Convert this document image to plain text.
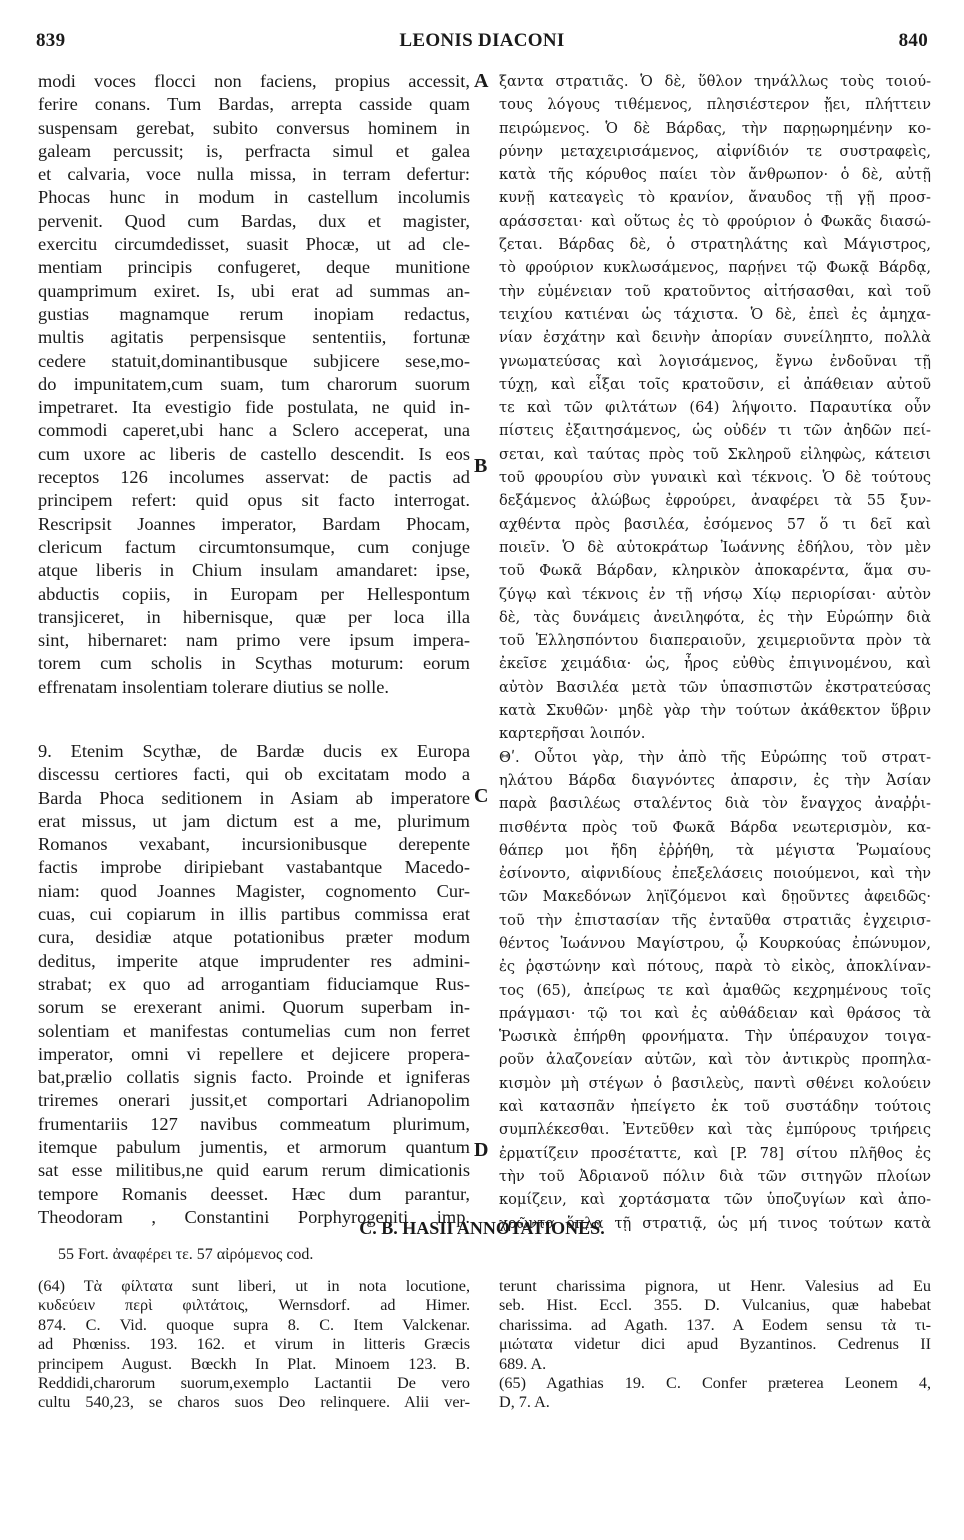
839	LEONIS DIACONI	840
modi voces flocci non faciens, propius accessit,
ferire conans. Tum Bardas, arrepta casside quam
suspensam gerebat, subito conversus hominem in
galeam percussit; is, perfracta simul et galea
et calvaria, voce nulla missa, in terram defertur:
Phocas hunc in modum in castellum incolumis
pervenit. Quod cum Bardas, dux et magister,
exercitu circumdedisset, suasit Phocæ, ut ad cle-
mentiam principis confugeret, deque munitione
quamprimum exiret. Is, ubi erat ad summas an-
gustias magnamque rerum inopiam redactus,
multis agitatis perpensisque sententiis, fortunæ
cedere statuit,dominantibusque subjicere sese,mo-
do impunitatem,cum suam, tum charorum suorum
impetraret. Ita evestigio fide postulata, ne quid in-
commodi caperet,ubi hanc a Sclero acceperat, una
cum uxore ac liberis de castello descendit. Is eos
receptos 126 incolumes asservat: de pactis ad
principem refert: quid opus sit facto interrogat.
Rescripsit Joannes imperator, Bardam Phocam,
clericum factum circumtonsumque, cum conjuge
atque liberis in Chium insulam amandaret: ipse,
abductis copiis, in Europam per Hellespontum
transjiceret, in hibernisque, quæ per loca illa
sint, hibernaret: nam primo vere ipsum impera-
torem cum scholis in Scythas moturum: eorum
effrenatam insolentiam tolerare diutius se nolle.
9. Etenim Scythæ, de Bardæ ducis ex Europa
discessu certiores facti, qui ob excitatam modo a
Barda Phoca seditionem in Asiam ab imperatore
erat missus, ut jam dictum est a me, plurimum
Romanos vexabant, incursionibusque derepente
factis improbe diripiebant vastabantque Macedo-
niam: quod Joannes Magister, cognomento Cur-
cuas, cui copiarum in illis partibus commissa erat
cura, desidiæ atque potationibus præter modum
deditus, imperite atque imprudenter res admini-
strabat; ex quo ad arrogantiam fiduciamque Rus-
sorum se erexerant animi. Quorum superbam in-
solentiam et manifestas contumelias cum non ferret
imperator, omni vi repellere et dejicere propera-
bat,prælio collatis signis facto. Proinde et igniferas
triremes onerari jussit,et comportari Adrianopolim
frumentariis 127 navibus commeatum plurimum,
itemque pabulum jumentis, et armorum quantum
sat esse militibus,ne quid earum rerum dimicationis
tempore Romanis deesset. Hæc dum parantur,
Theodoram , Constantini Porphyrogeniti imp.
ξαντα στρατιᾶς. Ὁ δὲ, ὕθλον τηνάλλως τοὺς τοιού-
τους λόγους τιθέμενος, πλησιέστερον ᾔει, πλήττειν
πειρώμενος. Ὁ δὲ Βάρδας, τὴν παρῃωρημένην κο-
ρύνην μεταχειρισάμενος, αἰφνίδιόν τε συστραφεὶς,
κατὰ τῆς κόρυθος παίει τὸν ἄνθρωπον· ὁ δὲ, αὐτῇ
κυνῇ κατεαγεὶς τὸ κρανίον, ἄναυδος τῇ γῇ προσ-
αράσσεται· καὶ οὕτως ἐς τὸ φρούριον ὁ Φωκᾶς διασώ-
ζεται. Βάρδας δὲ, ὁ στρατηλάτης καὶ Μάγιστρος,
τὸ φρούριον κυκλωσάμενος, παρῄνει τῷ Φωκᾷ Βάρδᾳ,
τὴν εὐμένειαν τοῦ κρατοῦντος αἰτήσασθαι, καὶ τοῦ
τειχίου κατιέναι ὡς τάχιστα. Ὁ δὲ, ἐπεὶ ἐς ἀμηχα-
νίαν ἐσχάτην καὶ δεινὴν ἀπορίαν συνείληπτο, πολλὰ
γνωματεύσας καὶ λογισάμενος, ἔγνω ἐνδοῦναι τῇ
τύχῃ, καὶ εἶξαι τοῖς κρατοῦσιν, εἰ ἀπάθειαν αὐτοῦ
τε καὶ τῶν φιλτάτων (64) λήψοιτο. Παραυτίκα οὖν
πίστεις ἐξαιτησάμενος, ὡς οὐδέν τι τῶν ἀηδῶν πεί-
σεται, καὶ ταύτας πρὸς τοῦ Σκληροῦ εἰληφὼς, κάτεισι
τοῦ φρουρίου σὺν γυναικὶ καὶ τέκνοις. Ὁ δὲ τούτους
δεξάμενος ἀλώβως ἐφρούρει, ἀναφέρει τὰ 55 ξυν-
αχθέντα πρὸς βασιλέα, ἐσόμενος 57 ὅ τι δεῖ καὶ
ποιεῖν. Ὁ δὲ αὐτοκράτωρ Ἰωάννης ἐδήλου, τὸν μὲν
τοῦ Φωκᾶ Βάρδαν, κληρικὸν ἀποκαρέντα, ἅμα συ-
ζύγῳ καὶ τέκνοις ἐν τῇ νήσῳ Χίῳ περιορίσαι· αὐτὸν
δὲ, τὰς δυνάμεις ἀνειληφότα, ἐς τὴν Εὐρώπην διὰ
τοῦ Ἑλλησπόντου διαπεραιοῦν, χειμεριοῦντα πρὸν τὰ
ἐκεῖσε χειμάδια· ὡς, ἦρος εὐθὺς ἐπιγινομένου, καὶ
αὐτὸν Βασιλέα μετὰ τῶν ὑπασπιστῶν ἐκστρατεύσας
κατὰ Σκυθῶν· μηδὲ γὰρ τὴν τούτων ἀκάθεκτον ὕβριν
καρτερῆσαι λοιπόν.
Θʹ. Οὗτοι γὰρ, τὴν ἀπὸ τῆς Εὐρώπης τοῦ στρατ-
ηλάτου Βάρδα διαγνόντες ἀπαρσιν, ἐς τὴν Ἀσίαν
παρὰ βασιλέως σταλέντος διὰ τὸν ἔναγχος ἀναῤῥι-
πισθέντα πρὸς τοῦ Φωκᾶ Βάρδα νεωτερισμὸν, κα-
θάπερ μοι ἤδη ἐῤῥήθη, τὰ μέγιστα Ῥωμαίους
ἐσίνοντο, αἰφνιδίους ἐπεξελάσεις ποιούμενοι, καὶ τὴν
τῶν Μακεδόνων ληϊζόμενοι καὶ δῃοῦντες ἀφειδῶς·
τοῦ τὴν ἐπιστασίαν τῆς ἐνταῦθα στρατιᾶς ἐγχειρισ-
θέντος Ἰωάννου Μαγίστρου, ᾧ Κουρκούας ἐπώνυμον,
ἐς ῥᾳστώνην καὶ πότους, παρὰ τὸ εἰκὸς, ἀποκλίναν-
τος (65), ἀπείρως τε καὶ ἀμαθῶς κεχρημένους τοῖς
πράγμασι· τῷ τοι καὶ ἐς αὐθάδειαν καὶ θράσος τὰ
Ῥωσικὰ ἐπήρθη φρονήματα. Τὴν ὑπέραυχον τοιγα-
ροῦν ἀλαζονείαν αὐτῶν, καὶ τὸν ἀντικρὺς προπηλα-
κισμὸν μὴ στέγων ὁ βασιλεὺς, παντὶ σθένει κολούειν
καὶ κατασπᾶν ἠπείγετο ἐκ τοῦ συστάδην τούτοις
συμπλέκεσθαι. Ἐντεῦθεν καὶ τὰς ἐμπύρους τριήρεις
ἐρματίζειν προσέταττε, καὶ [P. 78] σίτου πλῆθος ἐς
τὴν τοῦ Ἀδριανοῦ πόλιν διὰ τῶν σιτηγῶν πλοίων
κομίζειν, καὶ χορτάσματα τῶν ὑποζυγίων καὶ ἀπο-
χρῶντα ὅπλα τῇ στρατιᾷ, ὡς μή τινος τούτων κατὰ
A
B
C
D
C. B. HASII ANNOTATIONES.
55 Fort. ἀναφέρει τε. 57 αἰρόμενος cod.
(64) Τὰ φίλτατα sunt liberi, ut in nota locutione,
κυδεύειν περὶ φιλτάτοις, Wernsdorf. ad Himer.
874. C. Vid. quoque supra 8. C. Item Valckenar.
ad Phœniss. 193. 162. et virum in litteris Græcis
principem August. Bœckh In Plat. Minoem 123. B.
Reddidi,charorum suorum,exemplo Lactantii De vero
cultu 540,23, se charos suos Deo relinquere. Alii ver-
terunt charissima pignora, ut Henr. Valesius ad Eu
seb. Hist. Eccl. 355. D. Vulcanius, quæ habebat
charissima. ad Agath. 137. A Eodem sensu τὰ τι-
μιώτατα videtur dici apud Byzantinos. Cedrenus II
689. A.
(65) Agathias 19. C. Confer præterea Leonem 4,
D, 7. A.
